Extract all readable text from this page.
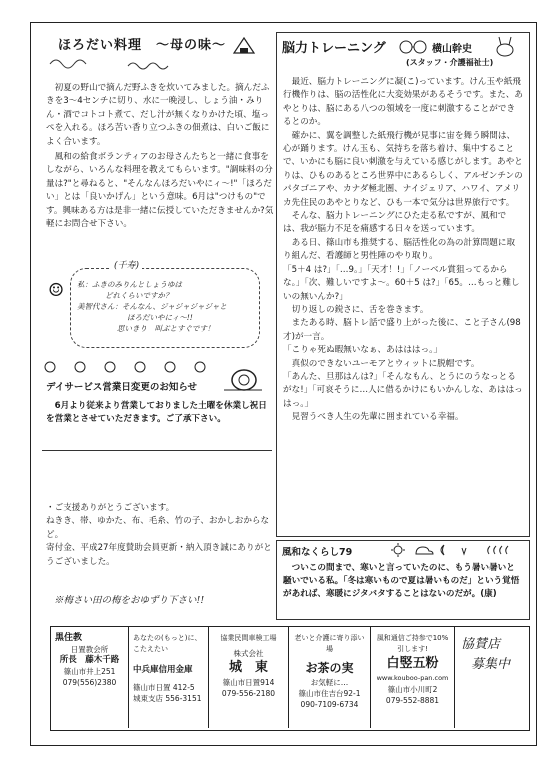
ほろだい料理　～母の味～

　初夏の野山で摘んだ野ふきを炊いてみました。摘んだふきを3～4センチに切り、水に一晩浸し、しょう油・みりん・酒でコトコト煮て、だし汁が無くなりかけた頃、塩っぺを入れる。ほろ苦い香り立つふきの佃煮は、白いご飯によく合います。

　風和の給食ボランティアのお母さんたちと一緒に食事をしながら、いろんな料理を教えてもらいます。"調味料の分量は?"と尋ねると、"そんなんほろだいやにィ～!"「ほろだい」とは「良いかげん」という意味。6月は"つけもの"です。興味ある方は是非一緒に伝授していただきませんか?気軽にお問合せ下さい。

(千寿)
私：ふきのみりんとしょうゆは
どれくらいですか？
美智代さん：そんなん、ジャジャジャジャと
ほろだいやにィ～!!
思いきり　叫ぶとすぐです！
☺
デイサービス営業日変更のお知らせ
　6月より従来より営業しておりました土曜を休業し祝日を営業とさせていただきます。ご了承下さい。
・ご支援ありがとうございます。
ねきき、帯、ゆかた、布、毛糸、竹の子、おかしおからなど。
寄付金、平成27年度賛助会員更新・納入頂き誠にありがとうございました。
※梅さい田の梅をおゆずり下さい!!
脳力トレーニング	横山幹史
(スタッフ・介護福祉士)

　最近、脳力トレーニングに凝(こ)っています。けん玉や紙飛行機作りは、脳の活性化に大変効果があるそうです。また、あやとりは、脳にある八つの領域を一度に刺激することができるとのか。

　確かに、翼を調整した紙飛行機が見事に宙を舞う瞬間は、心が踊ります。けん玉も、気持ちを落ち着け、集中することで、いかにも脳に良い刺激を与えている感じがします。あやとりは、ひものあるところ世界中にあるらしく、アルゼンチンのパタゴニアや、カナダ極北圏、ナイジェリア、ハワイ、アメリカ先住民のあやとりなど、ひも一本で気分は世界旅行です。

　そんな、脳力トレーニングにひた走る私ですが、風和では、我が脳力不足を痛感する日々を送っています。

　ある日、篠山市も推奨する、脳活性化の為の計算問題に取り組んだ、看護師と男性陣のやり取り。

「5＋4 は?」「…9。」「天才！!」「ノーベル賞狙ってるからな。」「次、難しいですよ～。60＋5 は?」「65。…もっと難しいの無いんか?」

　切り返しの鋭さに、舌を巻きます。

　またある時、脳トレ話で盛り上がった後に、こと子さん(98才)が一言。

「こりゃ死ぬ暇無いなぁ、あはははっ。」

　真似のできないユーモアとウィットに脱帽です。

「あんた、旦那はんは?」「そんなもん、とうにのうなっとるがな!」「可哀そうに…人に借るかけにもいかんしな、あははっはっ。」

　見習うべき人生の先輩に囲まれている幸福。

風和なくらし79
　ついこの間まで、寒いと言っていたのに、もう暑い暑いと騒いでいる私。「冬は寒いもので夏は暑いものだ」という覚悟があれば、寒暖にジタバタすることはないのだが。(康)
黒住教
日置教会所
所長　藤木千路
篠山市井上251
079(556)2380
あなたの(もっと)に、こたえたい
中兵庫信用金庫
篠山市日置 412-5
城東支店 556-3151
協業民間車検工場
株式会社
城　東
篠山市日置914
079-556-2180
老いと介護に寄り添い場
お茶の実
お気軽に…
篠山市住吉台92-1
090-7109-6734
風和通信ご持参で10%引します!
白竪五粉
www.kouboo-pan.com
篠山市小川町2
079-552-8881
協賛店
募集中
